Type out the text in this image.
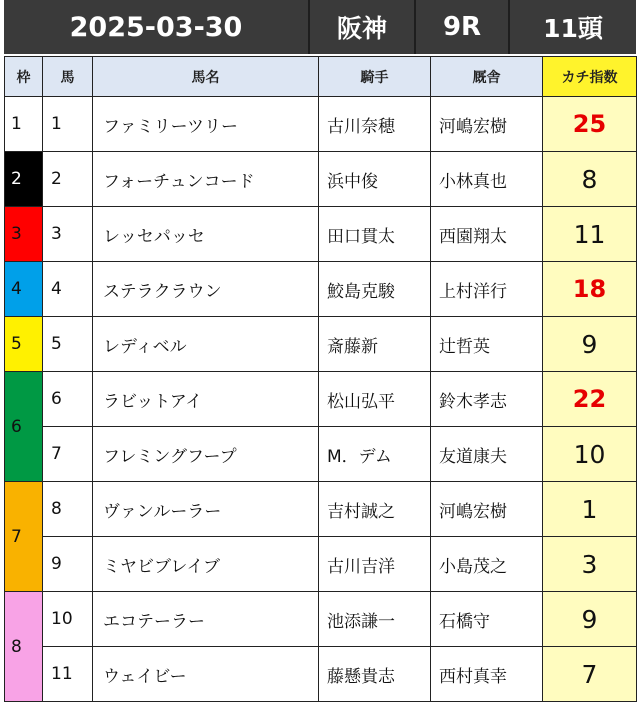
2025-03-30	阪神	9R	11頭
枠	馬	馬名	騎手	厩舎	カチ指数
1	1	ファミリーツリー	古川奈穂	河嶋宏樹	25
2	2	フォーチュンコード	浜中俊	小林真也	8
3	3	レッセパッセ	田口貫太	西園翔太	11
4	4	ステラクラウン	鮫島克駿	上村洋行	18
5	5	レディベル	斎藤新	辻哲英	9
6	6	ラビットアイ	松山弘平	鈴木孝志	22
	7	フレミングフープ	M．デム	友道康夫	10
7	8	ヴァンルーラー	吉村誠之	河嶋宏樹	1
	9	ミヤビブレイブ	古川吉洋	小島茂之	3
8	10	エコテーラー	池添謙一	石橋守	9
	11	ウェイビー	藤懸貴志	西村真幸	7
